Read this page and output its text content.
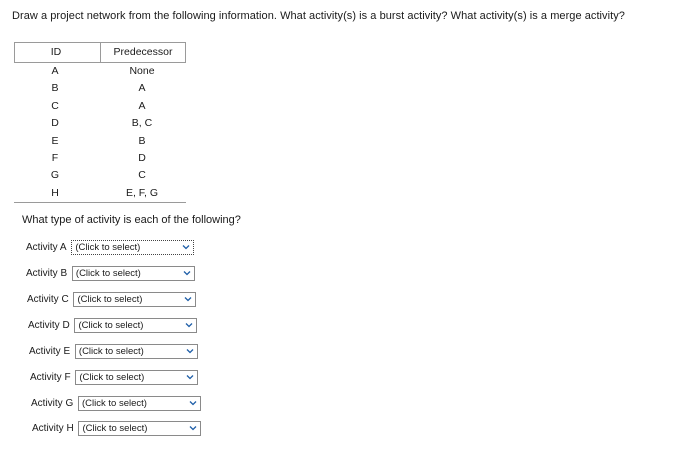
Draw a project network from the following information. What activity(s) is a burst activity? What activity(s) is a merge activity?
ID	Predecessor
A	None
B	A
C	A
D	B, C
E	B
F	D
G	C
H	E, F, G
What type of activity is each of the following?
Activity A (Click to select)
Activity B (Click to select)
Activity C (Click to select)
Activity D (Click to select)
Activity E (Click to select)
Activity F (Click to select)
Activity G (Click to select)
Activity H (Click to select)
